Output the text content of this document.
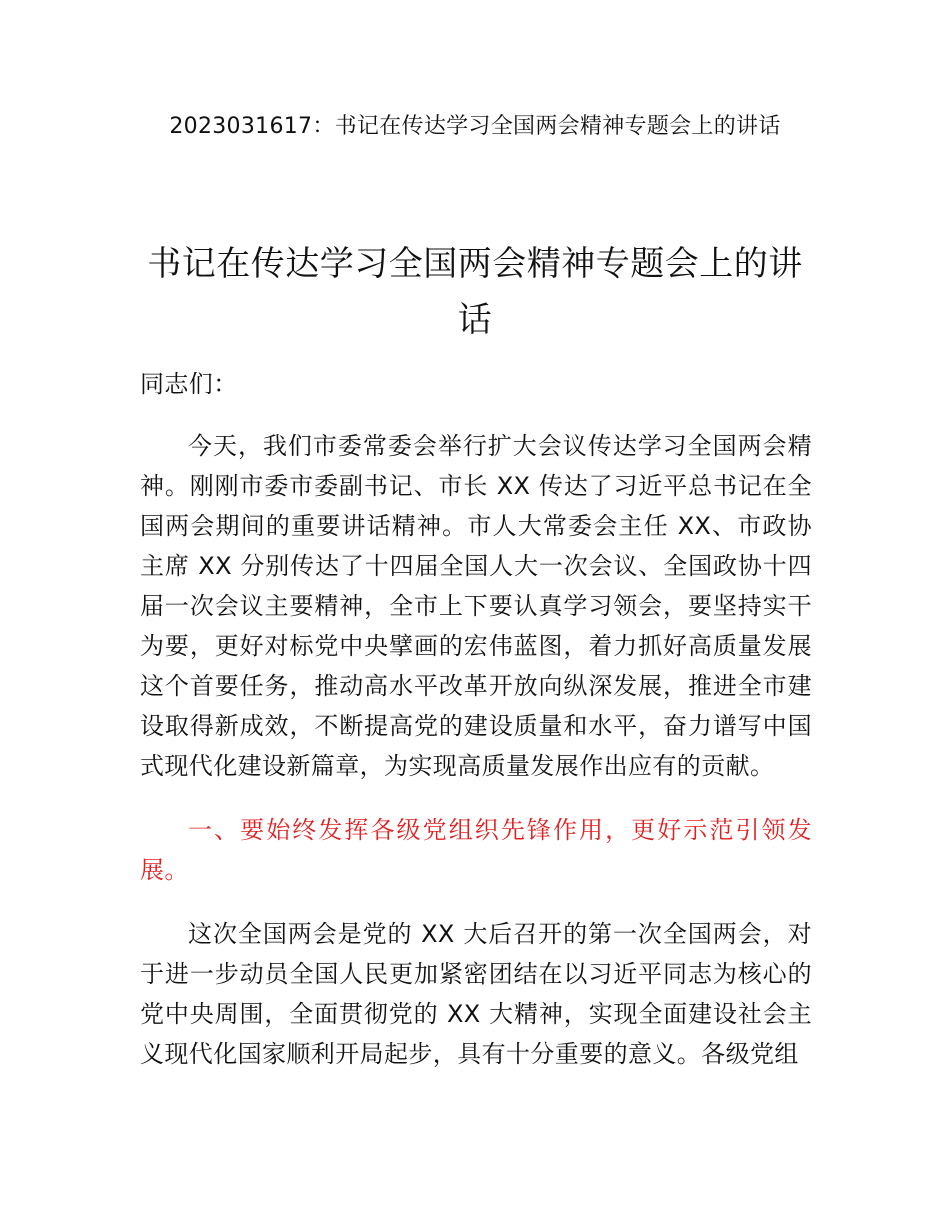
2023031617：书记在传达学习全国两会精神专题会上的讲话
书记在传达学习全国两会精神专题会上的讲话

同志们：

今天，我们市委常委会举行扩大会议传达学习全国两会精神。刚刚市委市委副书记、市长 XX 传达了习近平总书记在全国两会期间的重要讲话精神。市人大常委会主任 XX、市政协主席 XX 分别传达了十四届全国人大一次会议、全国政协十四届一次会议主要精神，全市上下要认真学习领会，要坚持实干为要，更好对标党中央擘画的宏伟蓝图，着力抓好高质量发展这个首要任务，推动高水平改革开放向纵深发展，推进全市建设取得新成效，不断提高党的建设质量和水平，奋力谱写中国式现代化建设新篇章，为实现高质量发展作出应有的贡献。

一、要始终发挥各级党组织先锋作用，更好示范引领发展。

这次全国两会是党的 XX 大后召开的第一次全国两会，对于进一步动员全国人民更加紧密团结在以习近平同志为核心的党中央周围，全面贯彻党的 XX 大精神，实现全面建设社会主义现代化国家顺利开局起步，具有十分重要的意义。各级党组
